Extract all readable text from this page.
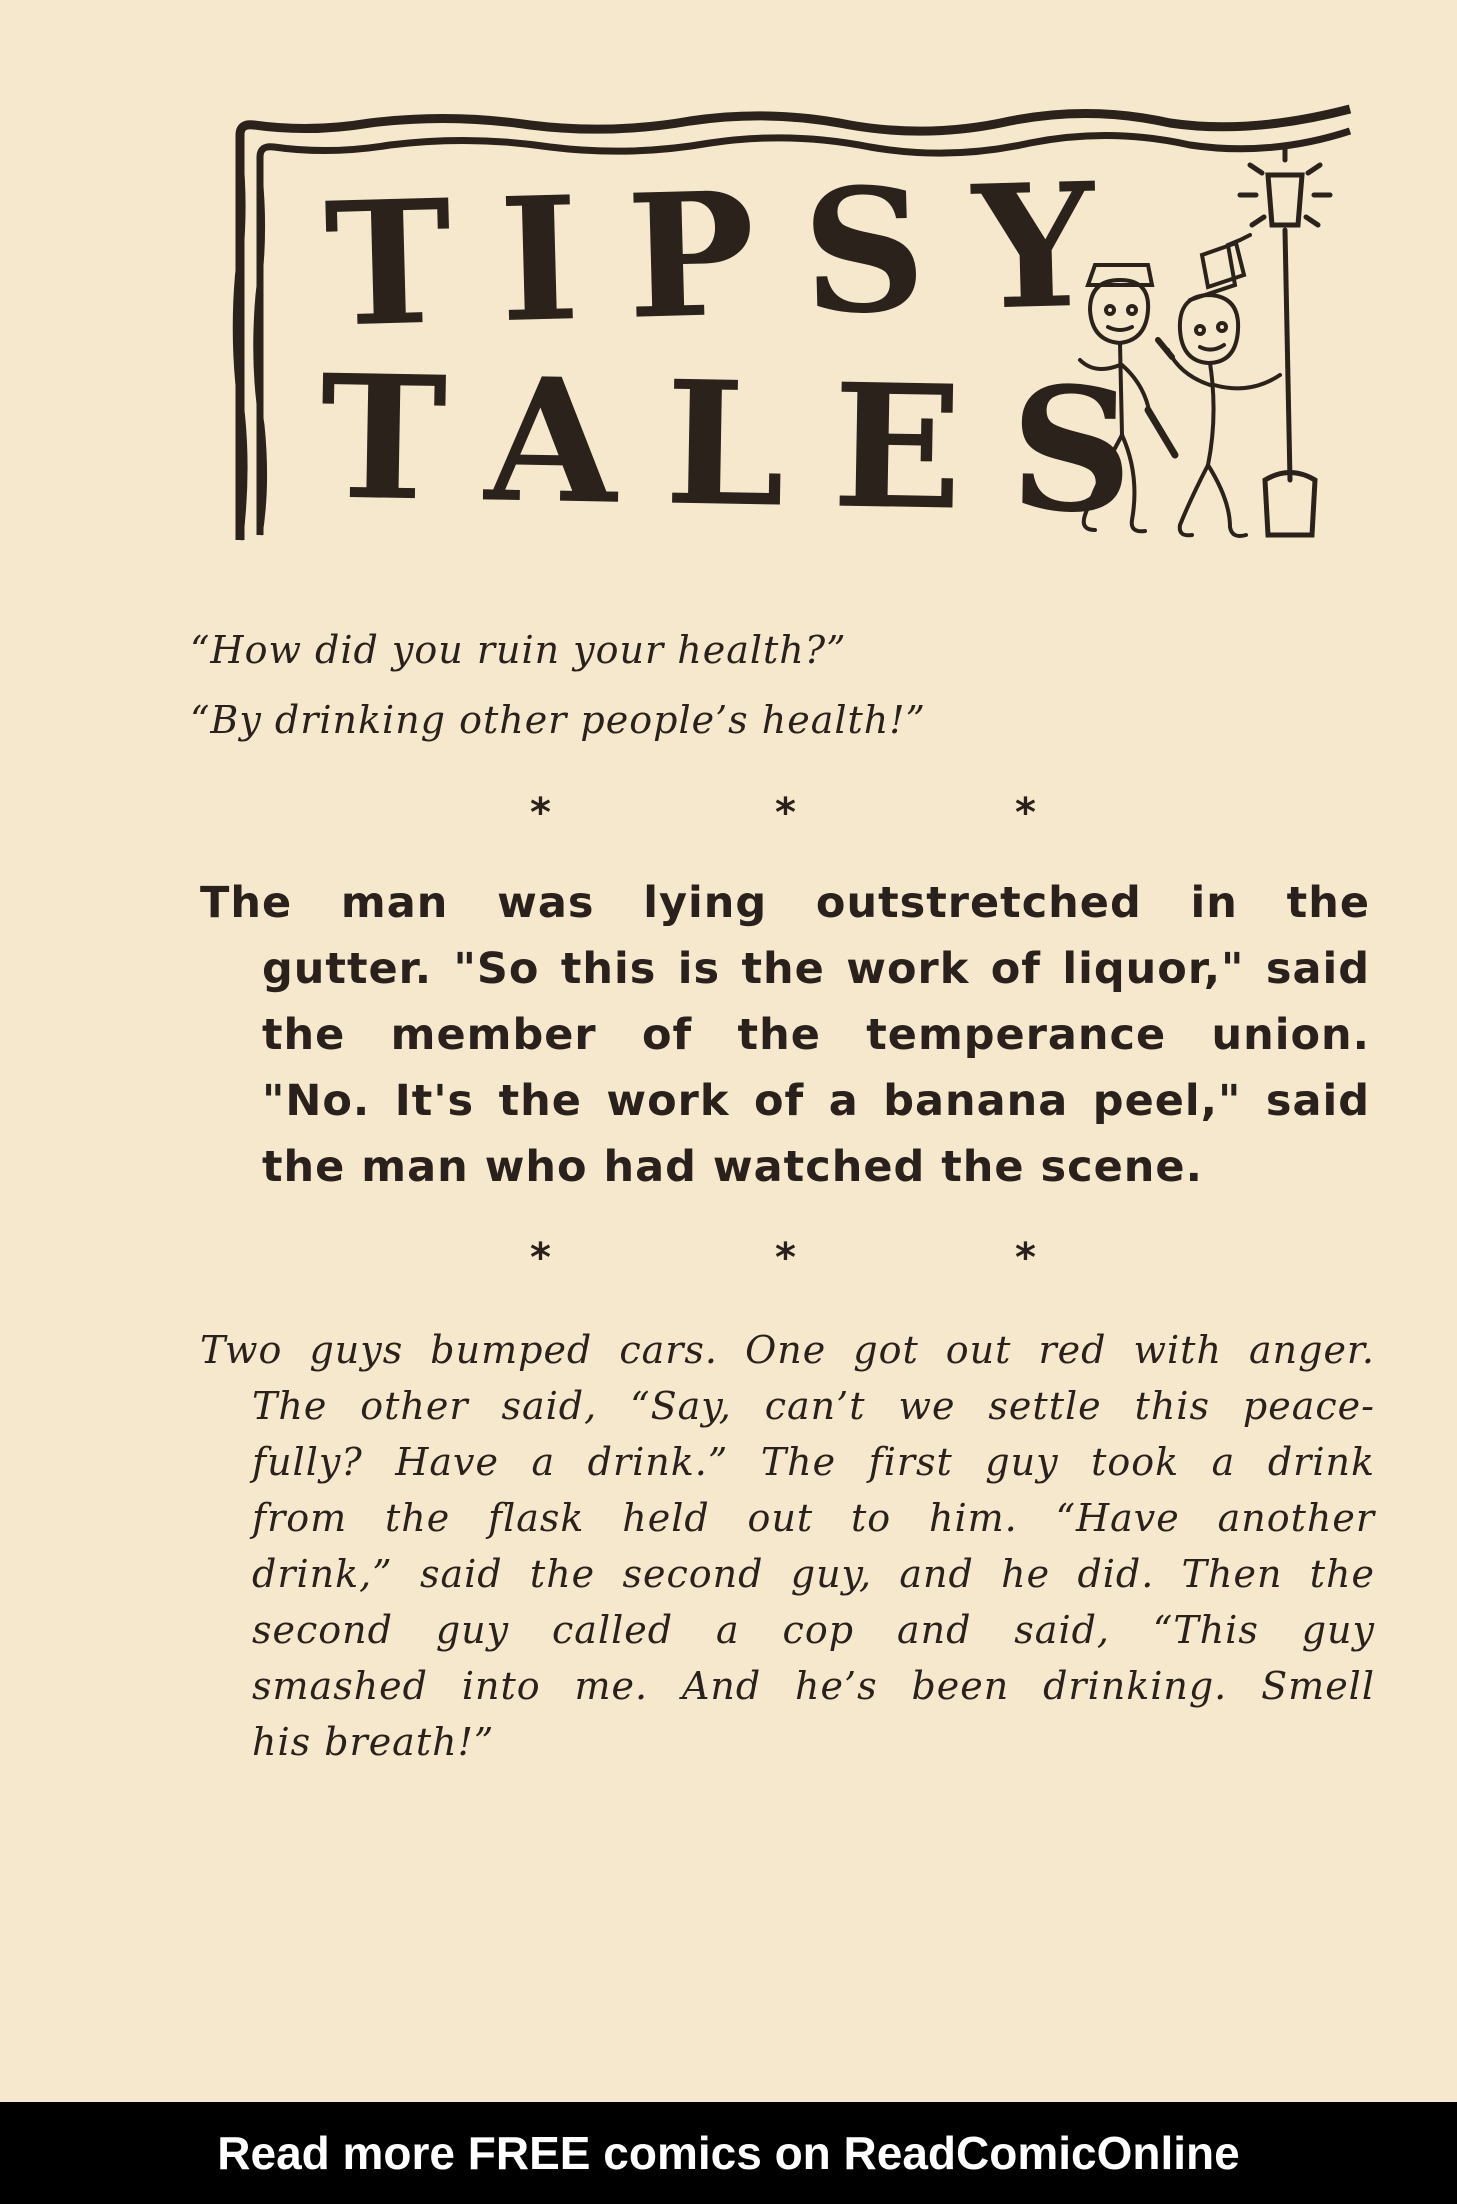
TIPSY
TALES
“How did you ruin your health?”
“By drinking other people’s health!”
*	*	*
The man was lying outstretched in the
gutter. "So this is the work of liquor," said
the member of the temperance union.
"No. It's the work of a banana peel," said
the man who had watched the scene.
*	*	*
Two guys bumped cars. One got out red with anger.
The other said, “Say, can’t we settle this peace-
fully? Have a drink.” The first guy took a drink
from the flask held out to him. “Have another
drink,” said the second guy, and he did. Then the
second guy called a cop and said, “This guy
smashed into me. And he’s been drinking. Smell
his breath!”
Read more FREE comics on ReadComicOnline
